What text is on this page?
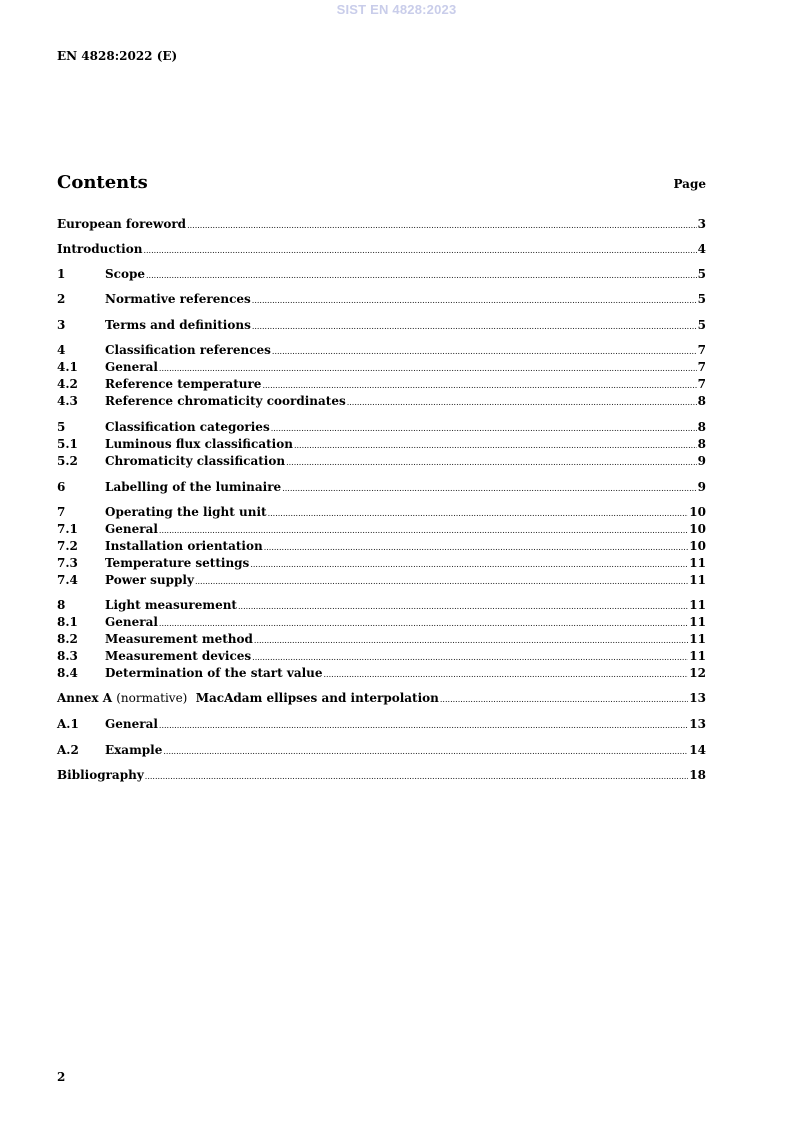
SIST EN 4828:2023
EN 4828:2022 (E)
Contents	Page
European foreword .....	3
Introduction .....	4
1	Scope .....	5
2	Normative references .....	5
3	Terms and definitions .....	5
4	Classification references .....	7
4.1	General .....	7
4.2	Reference temperature .....	7
4.3	Reference chromaticity coordinates .....	8
5	Classification categories .....	8
5.1	Luminous flux classification .....	8
5.2	Chromaticity classification .....	9
6	Labelling of the luminaire .....	9
7	Operating the light unit .....	10
7.1	General .....	10
7.2	Installation orientation .....	10
7.3	Temperature settings .....	11
7.4	Power supply .....	11
8	Light measurement .....	11
8.1	General .....	11
8.2	Measurement method .....	11
8.3	Measurement devices .....	11
8.4	Determination of the start value .....	12
Annex A (normative) MacAdam ellipses and interpolation .....	13
A.1	General .....	13
A.2	Example .....	14
Bibliography .....	18
2
